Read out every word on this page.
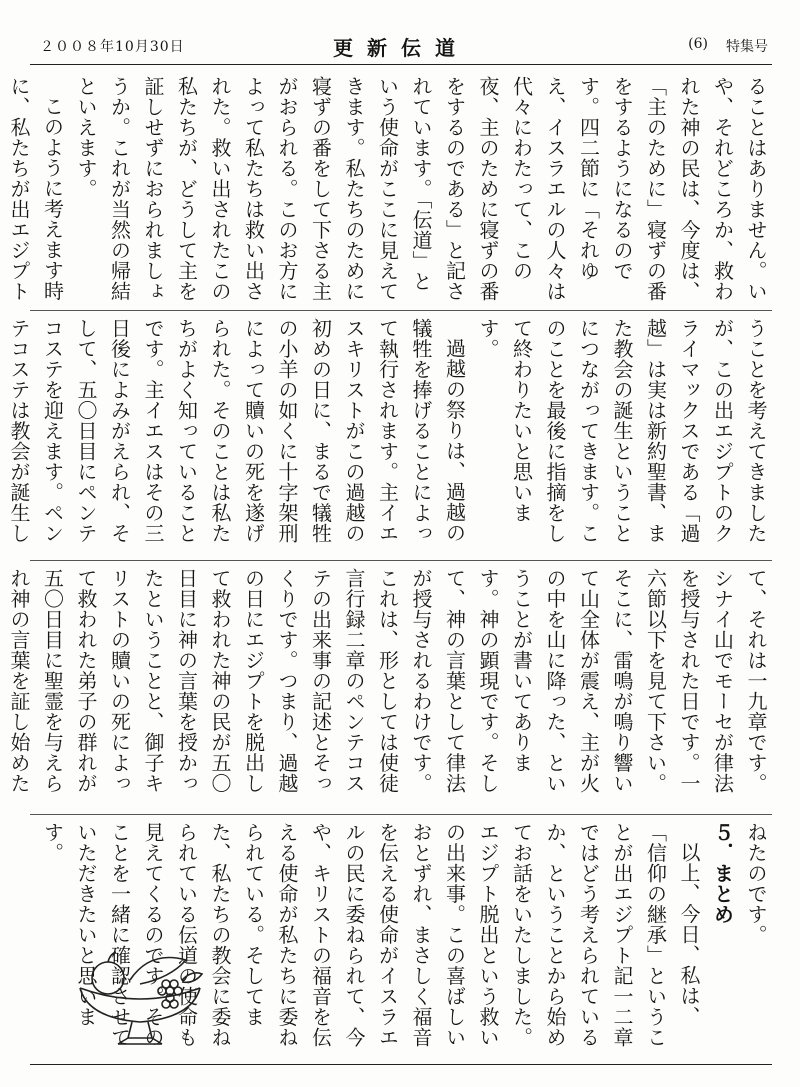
２００８年10月30日	更新伝道	(6) 特集号

ることはありません。いや、それどころか、救われた神の民は、今度は、「主のために」寝ずの番をするようになるのです。四二節に「それゆえ、イスラエルの人々は代々にわたって、この夜、主のために寝ずの番をするのである」と記されています。「伝道」という使命がここに見えてきます。私たちのために寝ずの番をして下さる主がおられる。このお方によって私たちは救い出された。救い出されたこの私たちが、どうして主を証しせずにおられましょうか。これが当然の帰結といえます。

このように考えます時に、私たちが出エジプト

うことを考えてきましたが、この出エジプトのクライマックスである「過越」は実は新約聖書、また教会の誕生ということにつながってきます。このことを最後に指摘をして終わりたいと思います。

過越の祭りは、過越の犠牲を捧げることによって執行されます。主イエスキリストがこの過越の初めの日に、まるで犠牲の小羊の如くに十字架刑によって贖いの死を遂げられた。そのことは私たちがよく知っていることです。主イエスはその三日後によみがえられ、そして、五〇日目にペンテコステを迎えます。ペンテコステは教会が誕生し

て、それは一九章です。シナイ山でモーセが律法を授与された日です。一六節以下を見て下さい。そこに、雷鳴が鳴り響いて山全体が震え、主が火の中を山に降った、ということが書いてあります。神の顕現です。そして、神の言葉として律法が授与されるわけです。これは、形としては使徒言行録二章のペンテコステの出来事の記述とそっくりです。つまり、過越の日にエジプトを脱出して救われた神の民が五〇日目に神の言葉を授かったということと、御子キリストの贖いの死によって救われた弟子の群れが五〇日目に聖霊を与えられ神の言葉を証し始めた

ねたのです。

５．まとめ

以上、今日、私は、「信仰の継承」ということが出エジプト記一二章ではどう考えられているか、ということから始めてお話をいたしました。エジプト脱出という救いの出来事。この喜ばしいおとずれ、まさしく福音を伝える使命がイスラエルの民に委ねられて、今や、キリストの福音を伝える使命が私たちに委ねられている。そしてまた、私たちの教会に委ねられている伝道の使命も見えてくるのです。そのことを一緒に確認させていただきたいと思います。
